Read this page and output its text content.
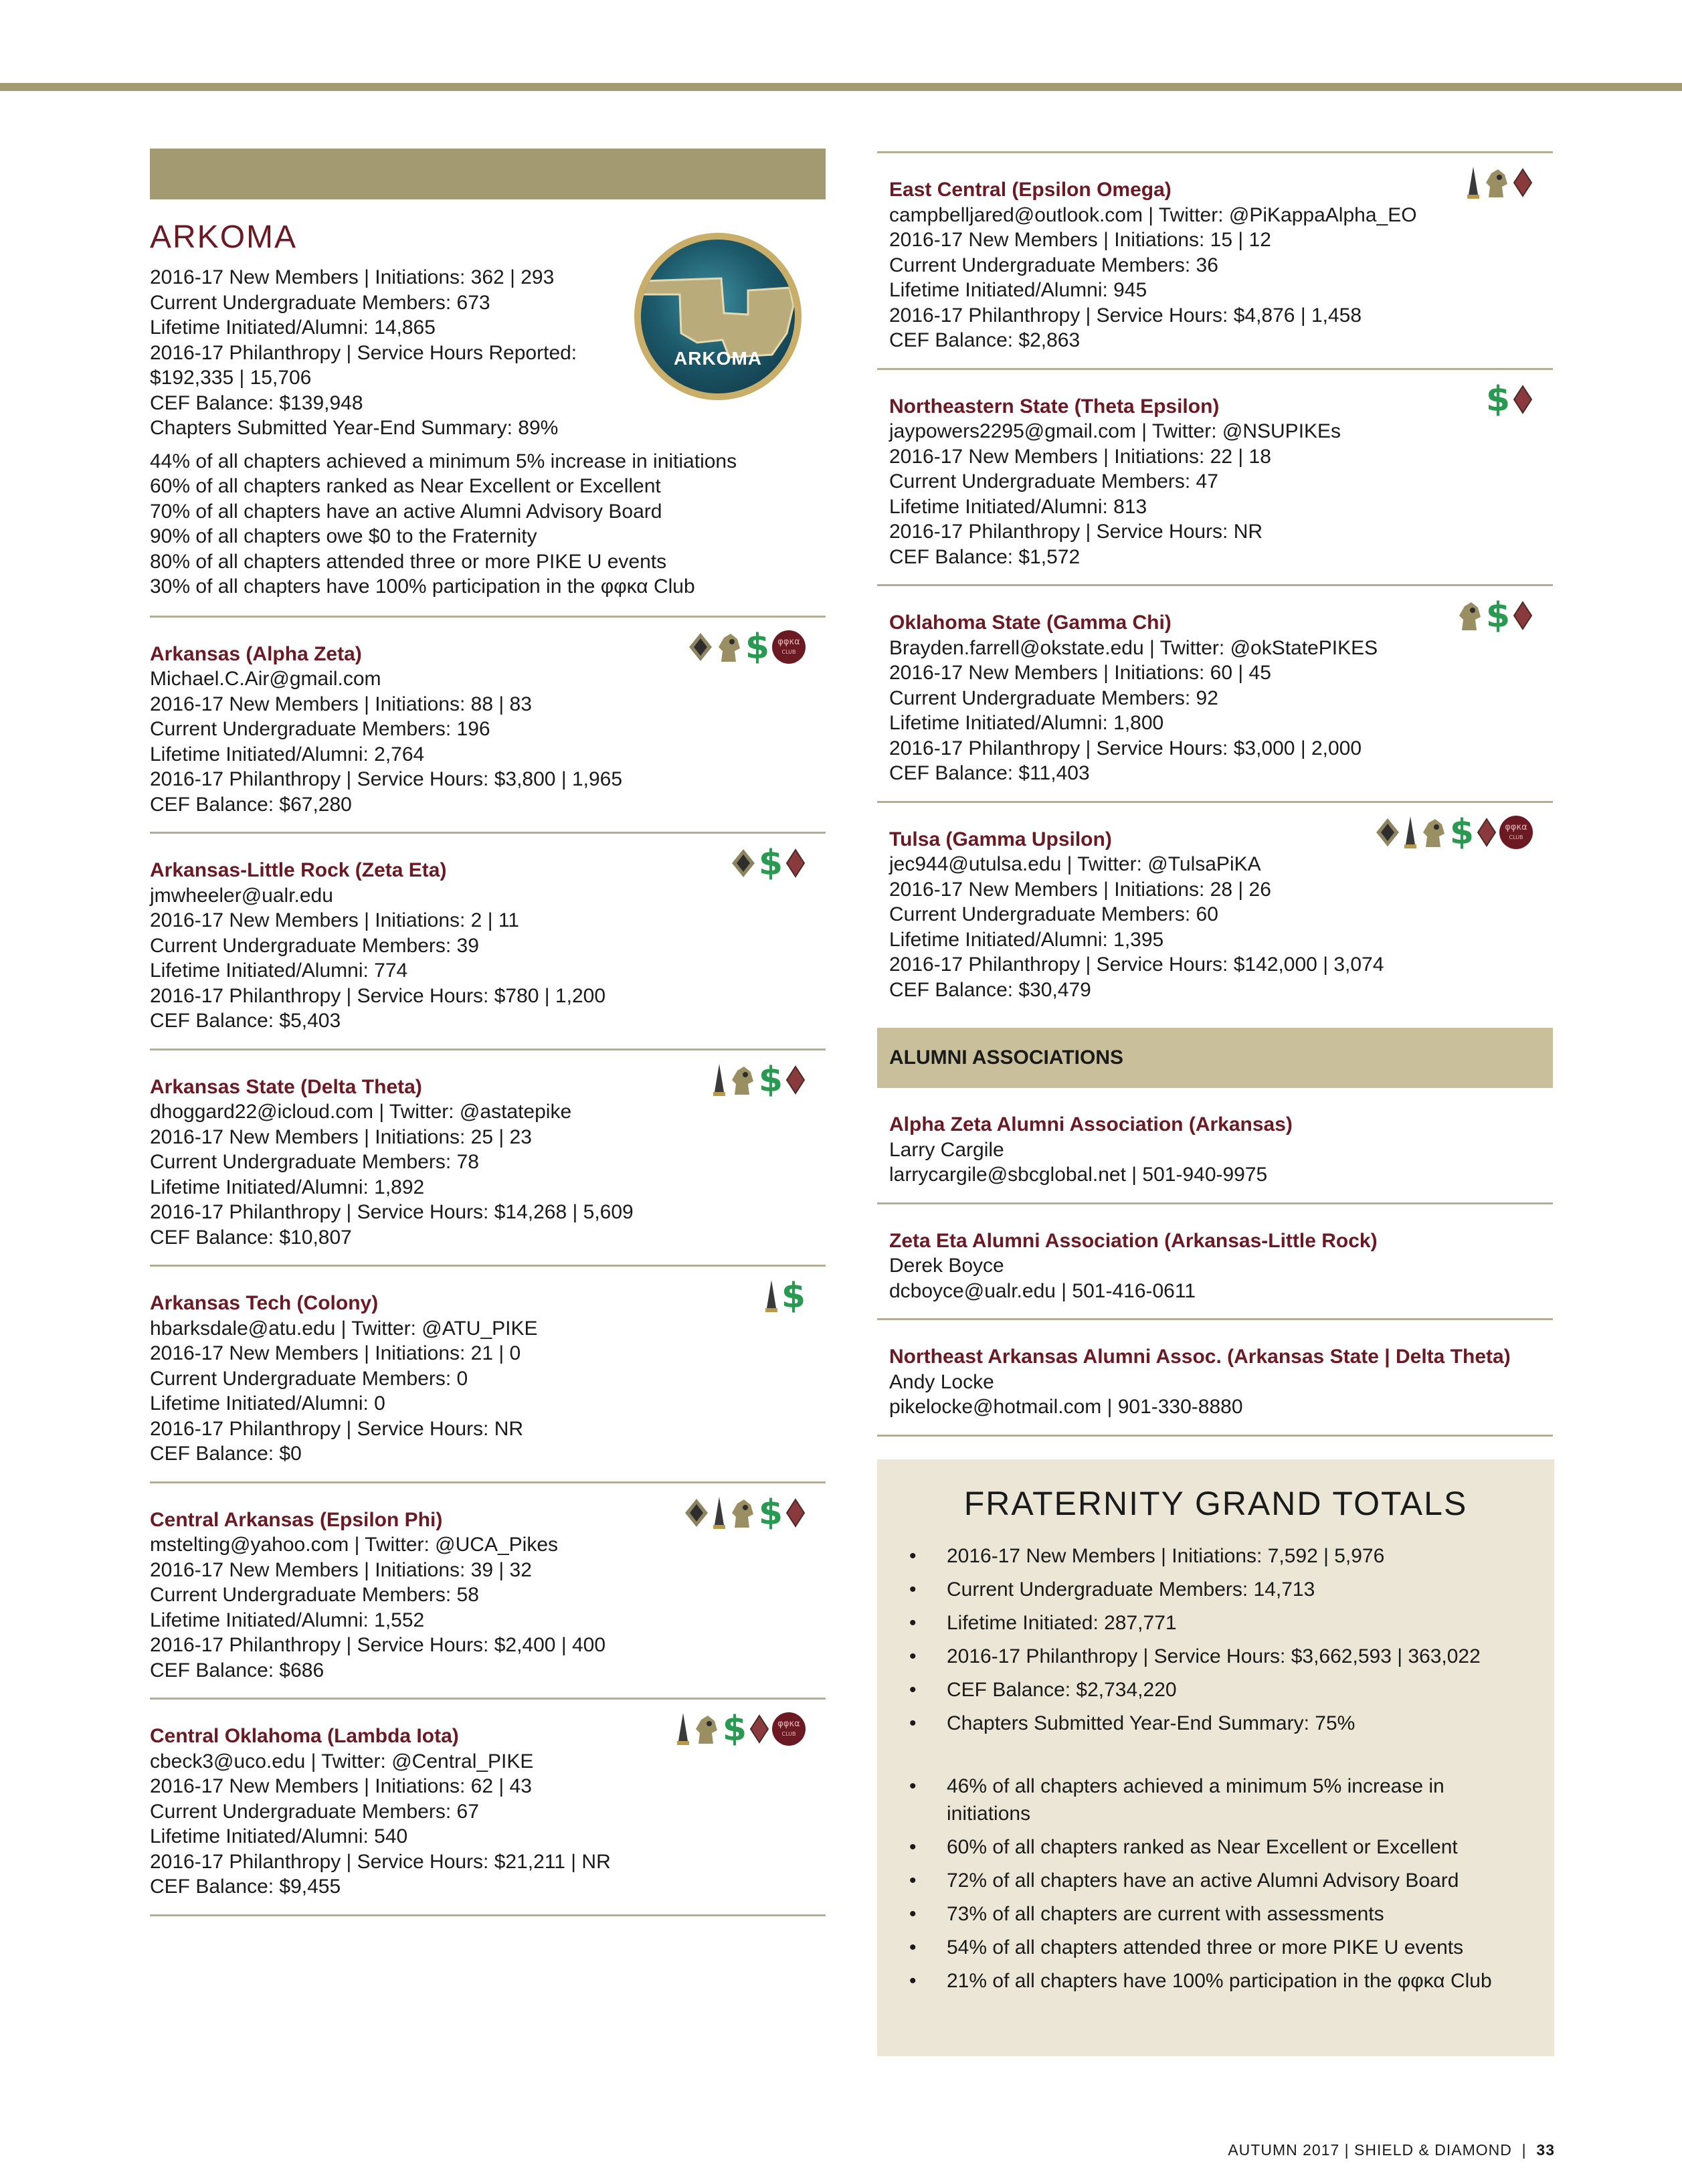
ARKOMA
ARKOMA
2016-17 New Members | Initiations: 362 | 293
Current Undergraduate Members: 673
Lifetime Initiated/Alumni: 14,865
2016-17 Philanthropy | Service Hours Reported:
$192,335 | 15,706
CEF Balance: $139,948
Chapters Submitted Year-End Summary: 89%
44% of all chapters achieved a minimum 5% increase in initiations
60% of all chapters ranked as Near Excellent or Excellent
70% of all chapters have an active Alumni Advisory Board
90% of all chapters owe $0 to the Fraternity
80% of all chapters attended three or more PIKE U events
30% of all chapters have 100% participation in the φφκα Club
$ φφκα
CLUB
Arkansas (Alpha Zeta)
Michael.C.Air@gmail.com
2016-17 New Members | Initiations: 88 | 83
Current Undergraduate Members: 196
Lifetime Initiated/Alumni: 2,764
2016-17 Philanthropy | Service Hours: $3,800 | 1,965
CEF Balance: $67,280
$
Arkansas-Little Rock (Zeta Eta)
jmwheeler@ualr.edu
2016-17 New Members | Initiations: 2 | 11
Current Undergraduate Members: 39
Lifetime Initiated/Alumni: 774
2016-17 Philanthropy | Service Hours: $780 | 1,200
CEF Balance: $5,403
$
Arkansas State (Delta Theta)
dhoggard22@icloud.com | Twitter: @astatepike
2016-17 New Members | Initiations: 25 | 23
Current Undergraduate Members: 78
Lifetime Initiated/Alumni: 1,892
2016-17 Philanthropy | Service Hours: $14,268 | 5,609
CEF Balance: $10,807
$
Arkansas Tech (Colony)
hbarksdale@atu.edu | Twitter: @ATU_PIKE
2016-17 New Members | Initiations: 21 | 0
Current Undergraduate Members: 0
Lifetime Initiated/Alumni: 0
2016-17 Philanthropy | Service Hours: NR
CEF Balance: $0
$
Central Arkansas (Epsilon Phi)
mstelting@yahoo.com | Twitter: @UCA_Pikes
2016-17 New Members | Initiations: 39 | 32
Current Undergraduate Members: 58
Lifetime Initiated/Alumni: 1,552
2016-17 Philanthropy | Service Hours: $2,400 | 400
CEF Balance: $686
$	φφκα
CLUB
Central Oklahoma (Lambda Iota)
cbeck3@uco.edu | Twitter: @Central_PIKE
2016-17 New Members | Initiations: 62 | 43
Current Undergraduate Members: 67
Lifetime Initiated/Alumni: 540
2016-17 Philanthropy | Service Hours: $21,211 | NR
CEF Balance: $9,455
East Central (Epsilon Omega)
campbelljared@outlook.com | Twitter: @PiKappaAlpha_EO
2016-17 New Members | Initiations: 15 | 12
Current Undergraduate Members: 36
Lifetime Initiated/Alumni: 945
2016-17 Philanthropy | Service Hours: $4,876 | 1,458
CEF Balance: $2,863
$
Northeastern State (Theta Epsilon)
jaypowers2295@gmail.com | Twitter: @NSUPIKEs
2016-17 New Members | Initiations: 22 | 18
Current Undergraduate Members: 47
Lifetime Initiated/Alumni: 813
2016-17 Philanthropy | Service Hours: NR
CEF Balance: $1,572
$
Oklahoma State (Gamma Chi)
Brayden.farrell@okstate.edu | Twitter: @okStatePIKES
2016-17 New Members | Initiations: 60 | 45
Current Undergraduate Members: 92
Lifetime Initiated/Alumni: 1,800
2016-17 Philanthropy | Service Hours: $3,000 | 2,000
CEF Balance: $11,403
$	φφκα
CLUB
Tulsa (Gamma Upsilon)
jec944@utulsa.edu | Twitter: @TulsaPiKA
2016-17 New Members | Initiations: 28 | 26
Current Undergraduate Members: 60
Lifetime Initiated/Alumni: 1,395
2016-17 Philanthropy | Service Hours: $142,000 | 3,074
CEF Balance: $30,479
ALUMNI ASSOCIATIONS
Alpha Zeta Alumni Association (Arkansas)
Larry Cargile
larrycargile@sbcglobal.net | 501-940-9975
Zeta Eta Alumni Association (Arkansas-Little Rock)
Derek Boyce
dcboyce@ualr.edu | 501-416-0611
Northeast Arkansas Alumni Assoc. (Arkansas State | Delta Theta)
Andy Locke
pikelocke@hotmail.com | 901-330-8880
FRATERNITY GRAND TOTALS
• 2016-17 New Members | Initiations: 7,592 | 5,976
• Current Undergraduate Members: 14,713
• Lifetime Initiated: 287,771
• 2016-17 Philanthropy | Service Hours: $3,662,593 | 363,022
• CEF Balance: $2,734,220
• Chapters Submitted Year-End Summary: 75%
• 46% of all chapters achieved a minimum 5% increase in initiations
• 60% of all chapters ranked as Near Excellent or Excellent
• 72% of all chapters have an active Alumni Advisory Board
• 73% of all chapters are current with assessments
• 54% of all chapters attended three or more PIKE U events
• 21% of all chapters have 100% participation in the φφκα Club
AUTUMN 2017 | SHIELD & DIAMOND | 33
